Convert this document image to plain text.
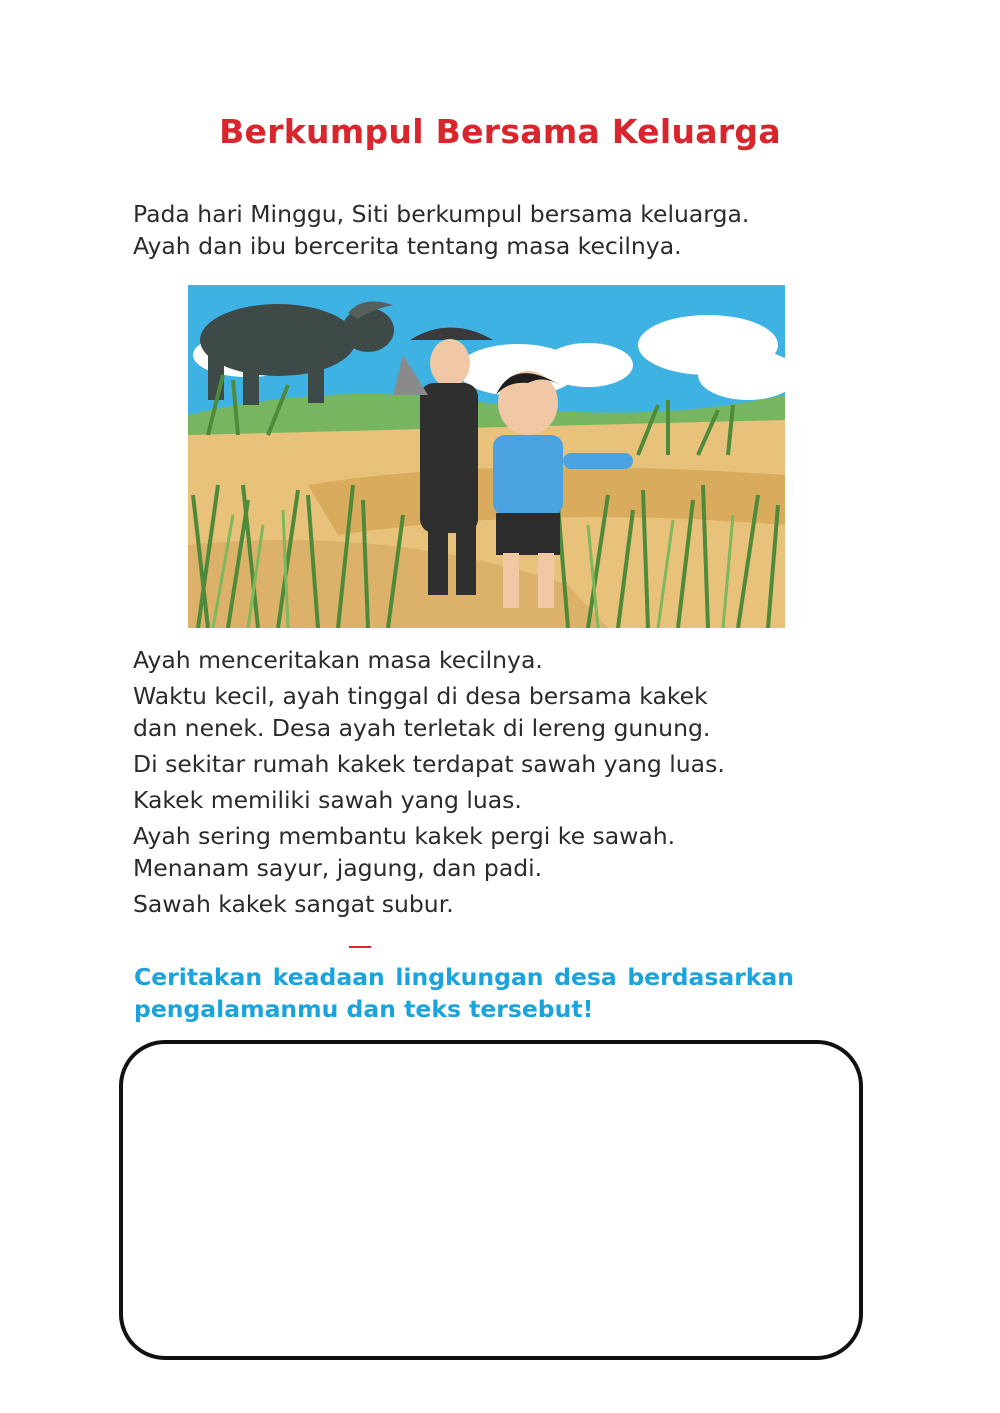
Berkumpul Bersama Keluarga
Pada hari Minggu, Siti berkumpul bersama keluarga.
Ayah dan ibu bercerita tentang masa kecilnya.
Ayah menceritakan masa kecilnya.
Waktu kecil, ayah tinggal di desa bersama kakek
dan nenek. Desa ayah terletak di lereng gunung.
Di sekitar rumah kakek terdapat sawah yang luas.
Kakek memiliki sawah yang luas.
Ayah sering membantu kakek pergi ke sawah.
Menanam sayur, jagung, dan padi.
Sawah kakek sangat subur.
Ceritakan keadaan lingkungan desa berdasarkan
pengalamanmu dan teks tersebut!
